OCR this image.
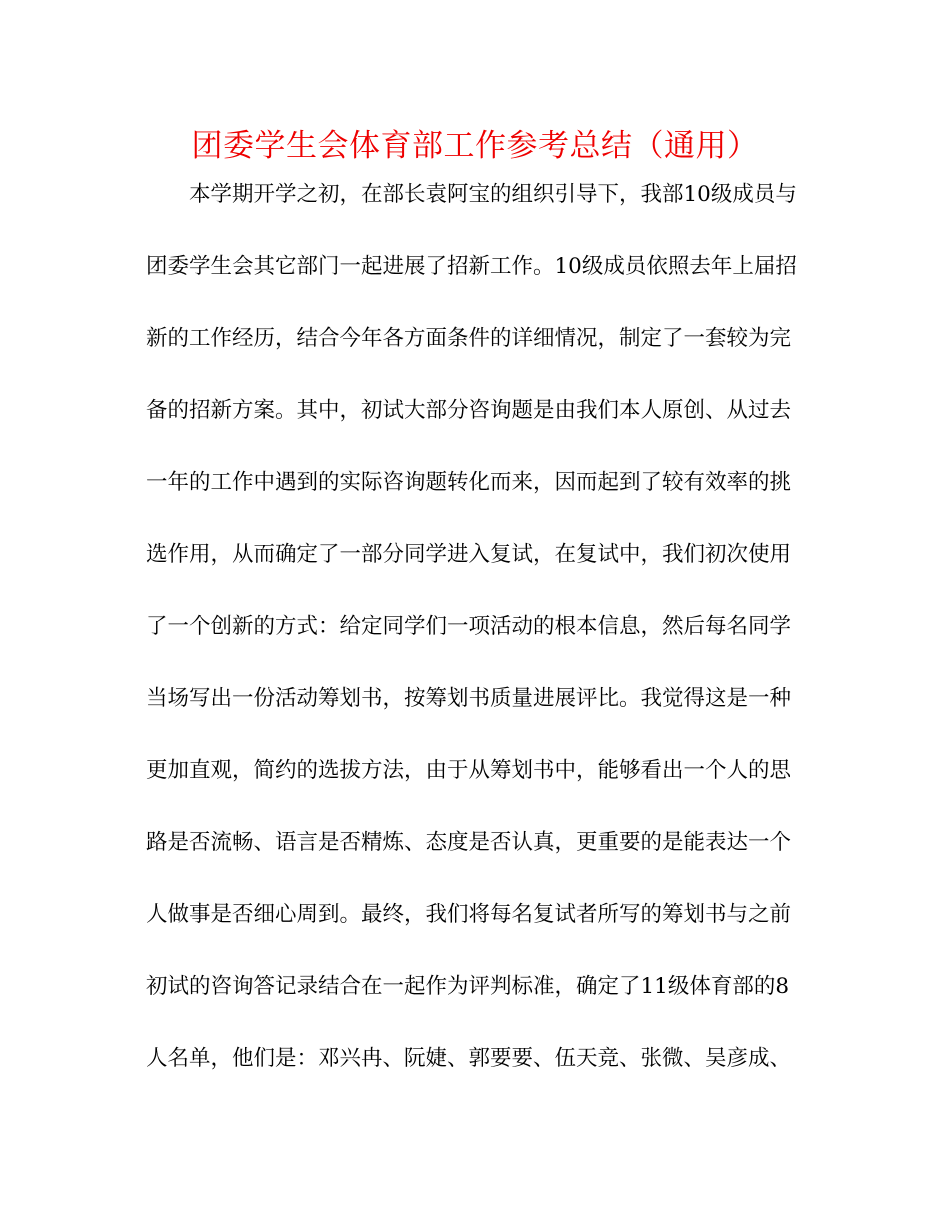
团委学生会体育部工作参考总结（通用）
本学期开学之初，在部长袁阿宝的组织引导下，我部10级成员与
团委学生会其它部门一起进展了招新工作。10级成员依照去年上届招
新的工作经历，结合今年各方面条件的详细情况，制定了一套较为完
备的招新方案。其中，初试大部分咨询题是由我们本人原创、从过去
一年的工作中遇到的实际咨询题转化而来，因而起到了较有效率的挑
选作用，从而确定了一部分同学进入复试，在复试中，我们初次使用
了一个创新的方式：给定同学们一项活动的根本信息，然后每名同学
当场写出一份活动筹划书，按筹划书质量进展评比。我觉得这是一种
更加直观，简约的选拔方法，由于从筹划书中，能够看出一个人的思
路是否流畅、语言是否精炼、态度是否认真，更重要的是能表达一个
人做事是否细心周到。最终，我们将每名复试者所写的筹划书与之前
初试的咨询答记录结合在一起作为评判标准，确定了11级体育部的8
人名单，他们是：邓兴冉、阮婕、郭要要、伍天竞、张微、吴彦成、
